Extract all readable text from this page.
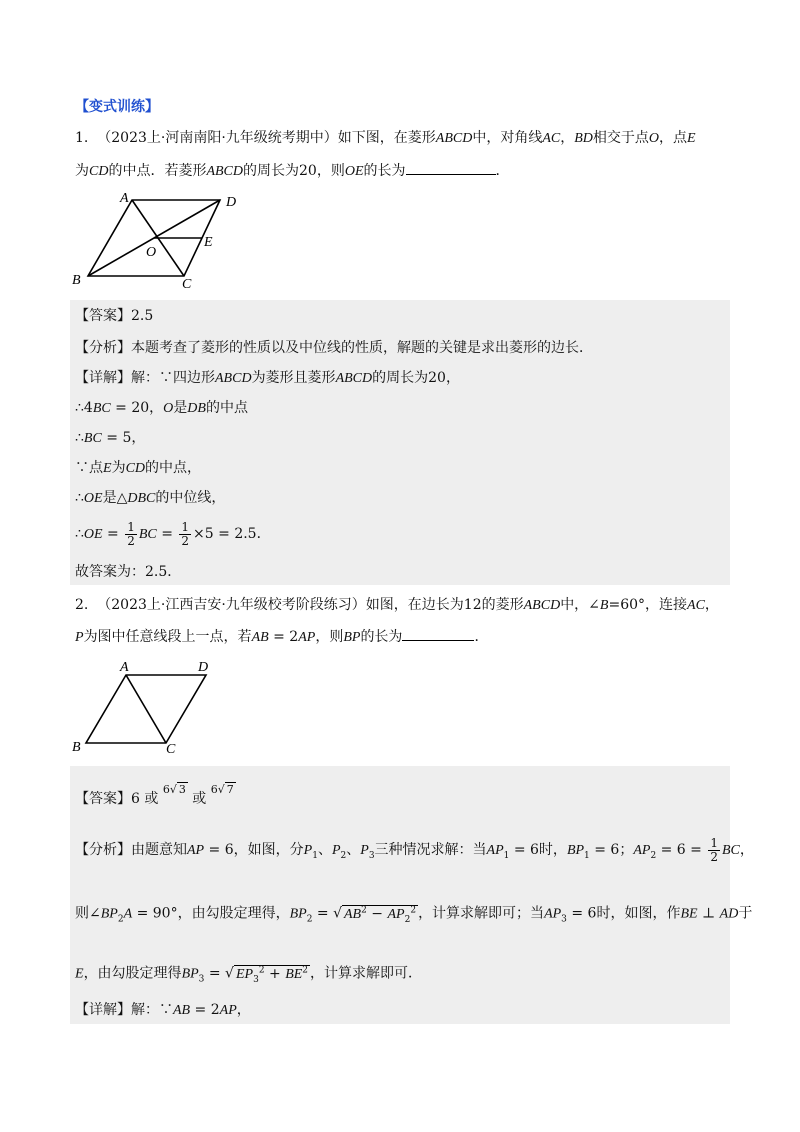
【变式训练】
1. （2023上·河南南阳·九年级统考期中）如下图，在菱形ABCD中，对角线AC，BD相交于点O，点E
为CD的中点．若菱形ABCD的周长为20，则OE的长为	．
A	D
E
O
B	C
【答案】2.5
【分析】本题考查了菱形的性质以及中位线的性质，解题的关键是求出菱形的边长．
【详解】解：∵四边形ABCD为菱形且菱形ABCD的周长为20，
∴4BC = 20，O是DB的中点
∴BC = 5，
∵点E为CD的中点，
∴OE是△DBC的中位线，
∴OE = $\frac{1}{2}$ BC = $\frac{1}{2} \times 5 = 2.5$．
故答案为：2.5．
2. （2023上·江西吉安·九年级校考阶段练习）如图，在边长为12的菱形ABCD中，∠B=60°，连接AC，
P为图中任意线段上一点，若AB = 2AP，则BP的长为	．
A	D
B	C
【答案】6 或 $^{6√ 3}$ 或 $^{6√ 7}$
【分析】由题意知AP = 6，如图，分$P_1$、$P_2$、$P_3$三种情况求解：当$AP_1 = 6$时，$BP_1 = 6$；$AP_2 = 6 = \frac{1}{2}$ BC，
则$\angle BP_2A = 90^\circ$，由勾股定理得，$BP_2$ = √ $AB^2 - AP_2^2$ ，计算求解即可；当$AP_3 = 6$时，如图，作BE ⊥ AD于
E，由勾股定理得$BP_3$ = √ $EP_3^2 + BE^2$ ，计算求解即可．
【详解】解：∵AB = 2AP，
